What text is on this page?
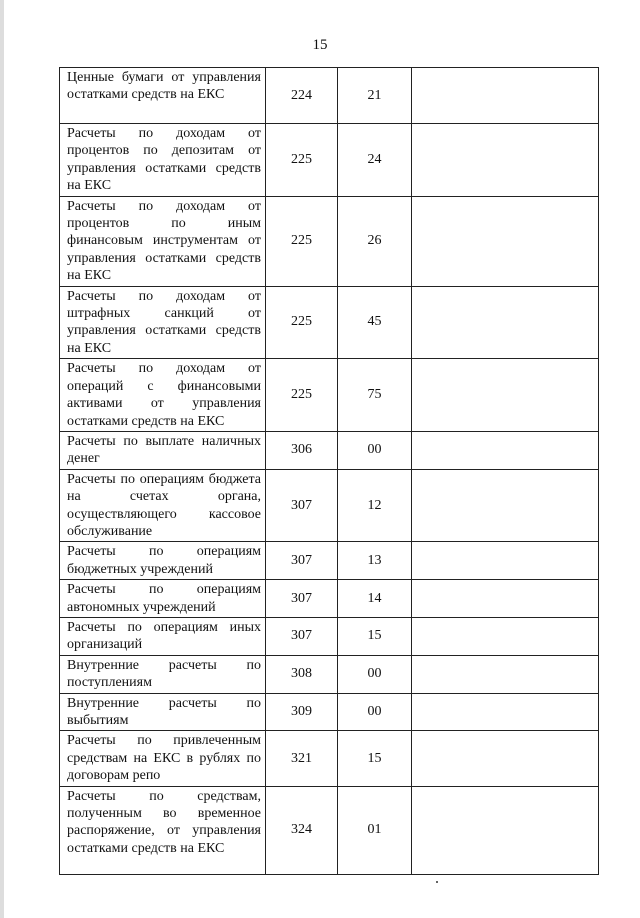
15
Ценные бумаги от управления остатками средств на ЕКС	224	21	
Расчеты по доходам от процентов по депозитам от управления остатками средств на ЕКС	225	24	
Расчеты по доходам от процентов по иным финансовым инструментам от управления остатками средств на ЕКС	225	26	
Расчеты по доходам от штрафных санкций от управления остатками средств на ЕКС	225	45	
Расчеты по доходам от операций с финансовыми активами от управления остатками средств на ЕКС	225	75	
Расчеты по выплате наличных денег	306	00	
Расчеты по операциям бюджета на счетах органа, осуществляющего кассовое обслуживание	307	12	
Расчеты по операциям бюджетных учреждений	307	13	
Расчеты по операциям автономных учреждений	307	14	
Расчеты по операциям иных организаций	307	15	
Внутренние расчеты по поступлениям	308	00	
Внутренние расчеты по выбытиям	309	00	
Расчеты по привлеченным средствам на ЕКС в рублях по договорам репо	321	15	
Расчеты по средствам, полученным во временное распоряжение, от управления остатками средств на ЕКС	324	01	
